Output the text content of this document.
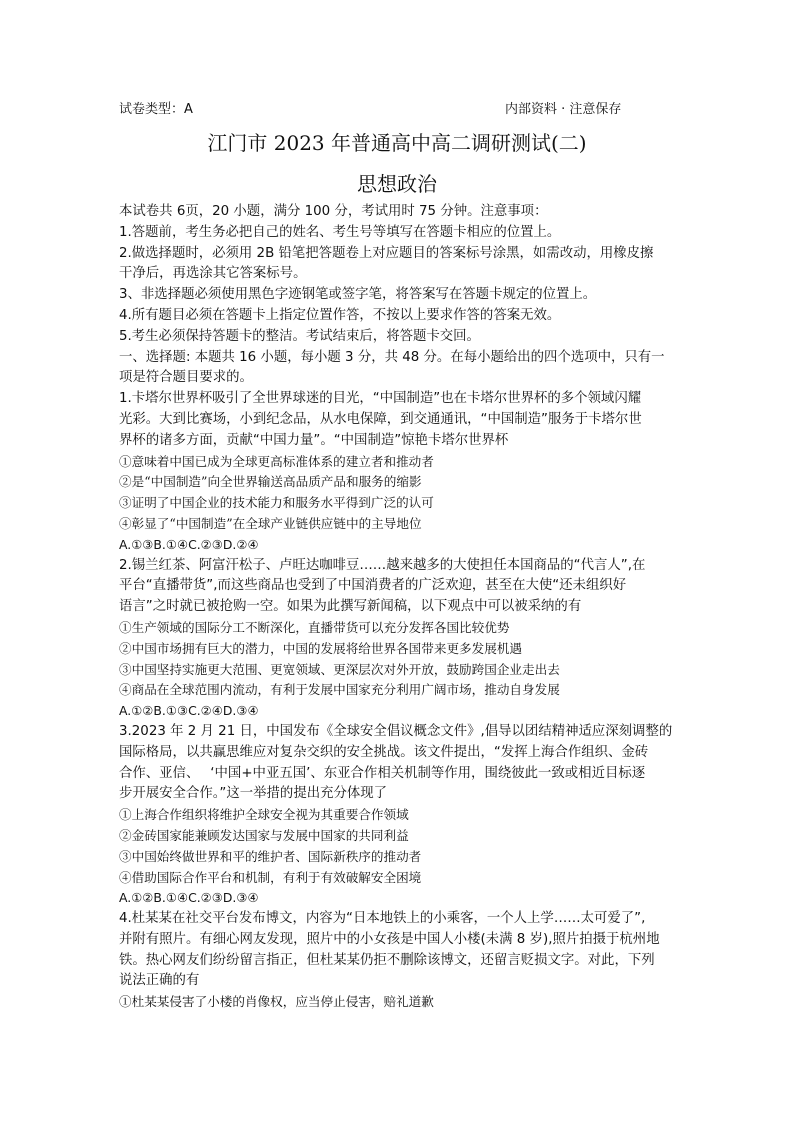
试卷类型：A	内部资料 · 注意保存
江门市 2023 年普通高中高二调研测试(二)
思想政治
本试卷共 6页，20 小题，满分 100 分，考试用时 75 分钟。注意事项：
1.答题前，考生务必把自己的姓名、考生号等填写在答题卡相应的位置上。
2.做选择题时，必须用 2B 铅笔把答题卷上对应题目的答案标号涂黑，如需改动，用橡皮擦
干净后，再选涂其它答案标号。
3、非选择题必须使用黑色字迹钢笔或签字笔，将答案写在答题卡规定的位置上。
4.所有题目必须在答题卡上指定位置作答，不按以上要求作答的答案无效。
5.考生必须保持答题卡的整洁。考试结束后，将答题卡交回。
一、选择题: 本题共 16 小题，每小题 3 分，共 48 分。在每小题给出的四个选项中，只有一
项是符合题目要求的。
1.卡塔尔世界杯吸引了全世界球迷的目光，“中国制造”也在卡塔尔世界杯的多个领域闪耀
光彩。大到比赛场，小到纪念品，从水电保障，到交通通讯，“中国制造”服务于卡塔尔世
界杯的诸多方面，贡献“中国力量”。“中国制造”惊艳卡塔尔世界杯
①意味着中国已成为全球更高标准体系的建立者和推动者
②是“中国制造”向全世界输送高品质产品和服务的缩影
③证明了中国企业的技术能力和服务水平得到广泛的认可
④彰显了“中国制造”在全球产业链供应链中的主导地位
A.①③B.①④C.②③D.②④
2.锡兰红茶、阿富汗松子、卢旺达咖啡豆……越来越多的大使担任本国商品的“代言人”,在
平台“直播带货”,而这些商品也受到了中国消费者的广泛欢迎，甚至在大使“还未组织好
语言”之时就已被抢购一空。如果为此撰写新闻稿，以下观点中可以被采纳的有
①生产领域的国际分工不断深化，直播带货可以充分发挥各国比较优势
②中国市场拥有巨大的潜力，中国的发展将给世界各国带来更多发展机遇
③中国坚持实施更大范围、更宽领域、更深层次对外开放，鼓励跨国企业走出去
④商品在全球范围内流动，有利于发展中国家充分利用广阔市场，推动自身发展
A.①②B.①③C.②④D.③④
3.2023 年 2 月 21 日，中国发布《全球安全倡议概念文件》,倡导以团结精神适应深刻调整的
国际格局，以共赢思维应对复杂交织的安全挑战。该文件提出，“发挥上海合作组织、金砖
合作、亚信、　 ‘中国+中亚五国’、东亚合作相关机制等作用，围绕彼此一致或相近目标逐
步开展安全合作。”这一举措的提出充分体现了
①上海合作组织将维护全球安全视为其重要合作领域
②金砖国家能兼顾发达国家与发展中国家的共同利益
③中国始终做世界和平的维护者、国际新秩序的推动者
④借助国际合作平台和机制，有利于有效破解安全困境
A.①②B.①④C.②③D.③④
4.杜某某在社交平台发布博文，内容为“日本地铁上的小乘客，一个人上学……太可爱了”,
并附有照片。有细心网友发现，照片中的小女孩是中国人小楼(未满 8 岁),照片拍摄于杭州地
铁。热心网友们纷纷留言指正，但杜某某仍拒不删除该博文，还留言贬损文字。对此，下列
说法正确的有
①杜某某侵害了小楼的肖像权，应当停止侵害，赔礼道歉
